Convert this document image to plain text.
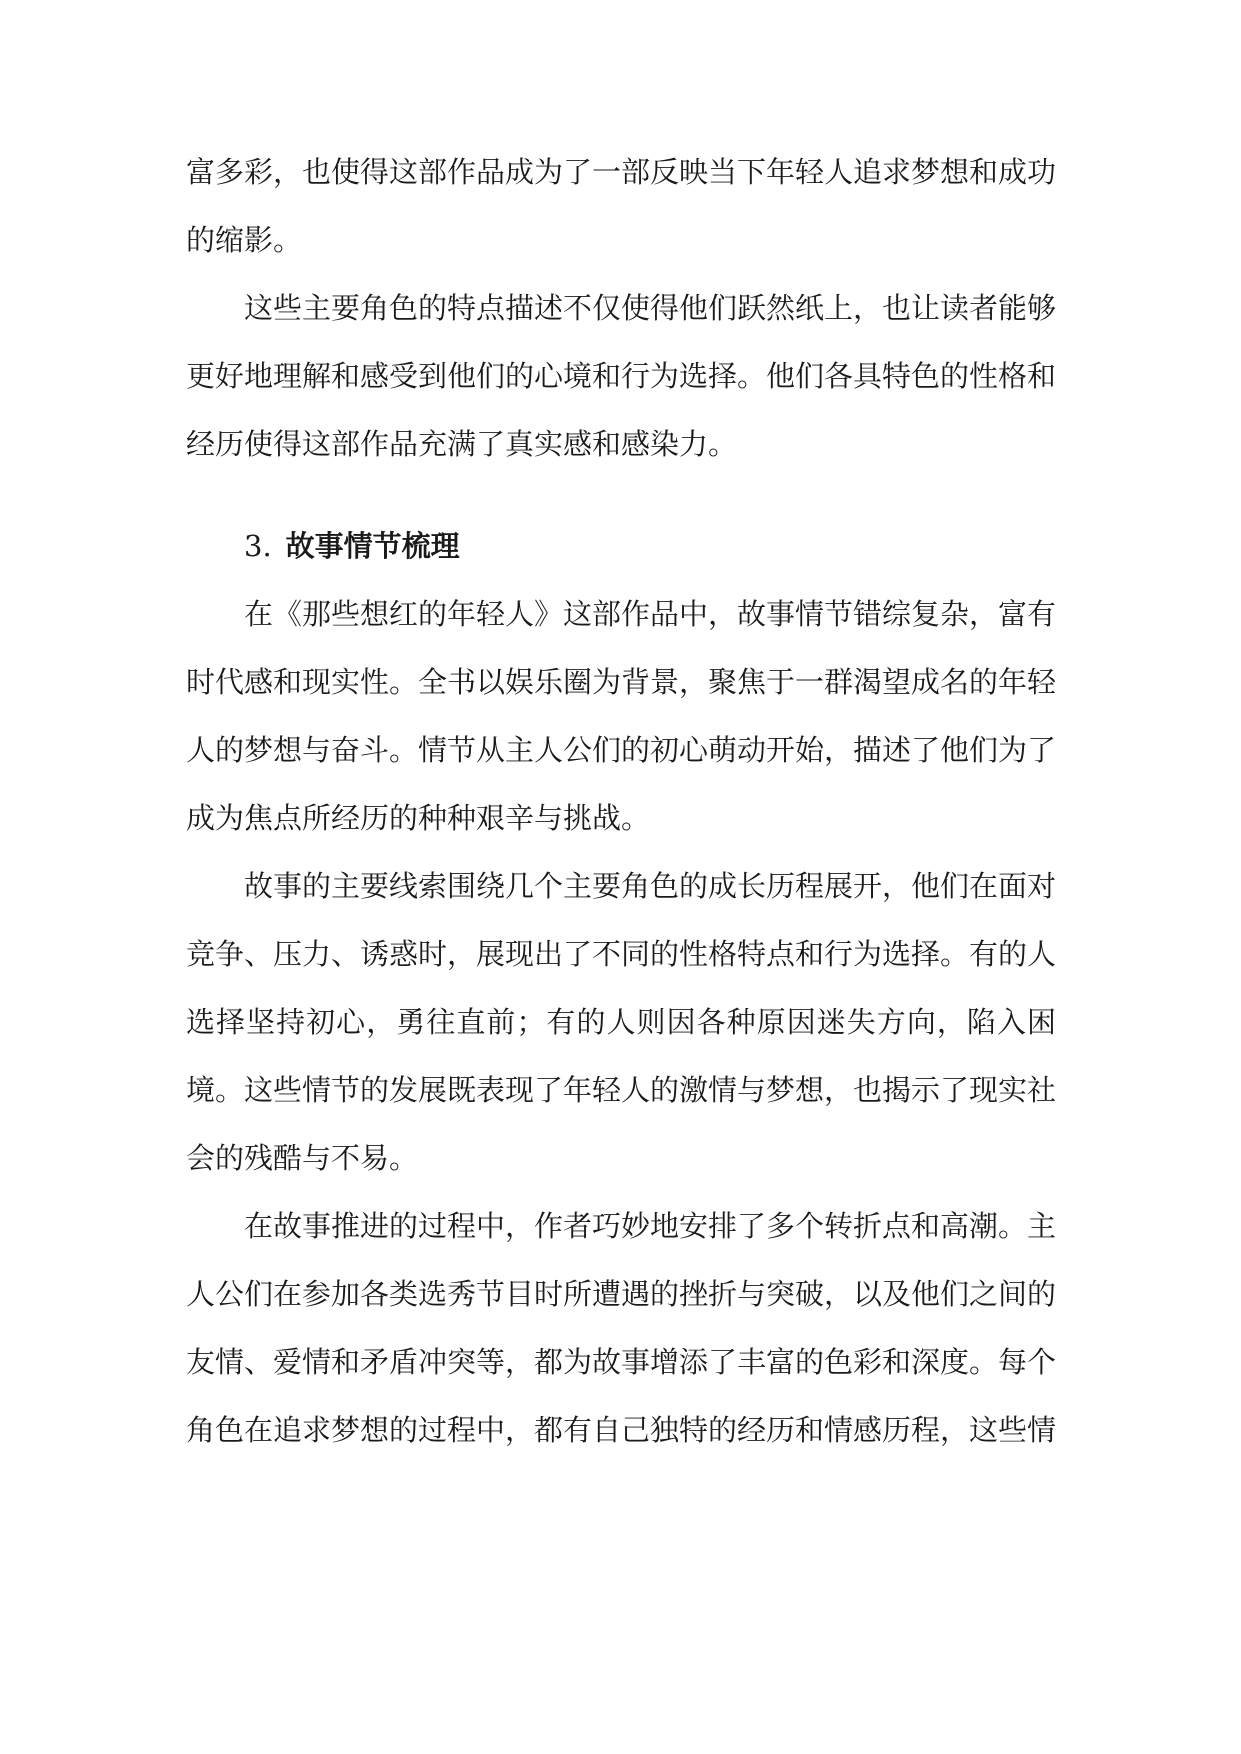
富多彩，也使得这部作品成为了一部反映当下年轻人追求梦想和成功的缩影。

这些主要角色的特点描述不仅使得他们跃然纸上，也让读者能够更好地理解和感受到他们的心境和行为选择。他们各具特色的性格和经历使得这部作品充满了真实感和感染力。

3. 故事情节梳理

在《那些想红的年轻人》这部作品中，故事情节错综复杂，富有时代感和现实性。全书以娱乐圈为背景，聚焦于一群渴望成名的年轻人的梦想与奋斗。情节从主人公们的初心萌动开始，描述了他们为了成为焦点所经历的种种艰辛与挑战。

故事的主要线索围绕几个主要角色的成长历程展开，他们在面对竞争、压力、诱惑时，展现出了不同的性格特点和行为选择。有的人选择坚持初心，勇往直前；有的人则因各种原因迷失方向，陷入困境。这些情节的发展既表现了年轻人的激情与梦想，也揭示了现实社会的残酷与不易。

在故事推进的过程中，作者巧妙地安排了多个转折点和高潮。主人公们在参加各类选秀节目时所遭遇的挫折与突破，以及他们之间的友情、爱情和矛盾冲突等，都为故事增添了丰富的色彩和深度。每个角色在追求梦想的过程中，都有自己独特的经历和情感历程，这些情
